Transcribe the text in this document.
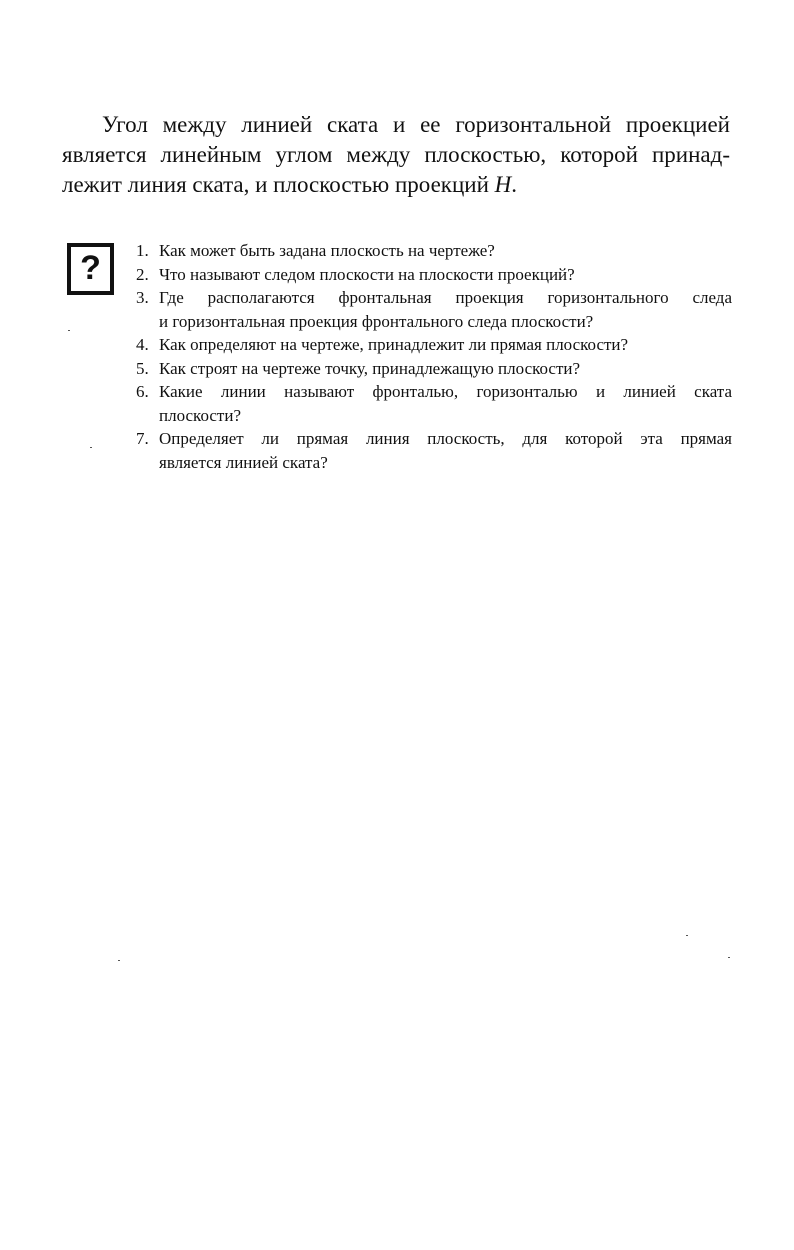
Угол между линией ската и ее горизонтальной проекцией
является линейным углом между плоскостью, которой принад-
лежит линия ската, и плоскостью проекций H.

? 1. Как может быть задана плоскость на чертеже?
2. Что называют следом плоскости на плоскости проекций?
3. Где располагаются фронтальная проекция горизонтального следа
и горизонтальная проекция фронтального следа плоскости?
4. Как определяют на чертеже, принадлежит ли прямая плоскости?
5. Как строят на чертеже точку, принадлежащую плоскости?
6. Какие линии называют фронталью, горизонталью и линией ската
плоскости?
7. Определяет ли прямая линия плоскость, для которой эта прямая
является линией ската?
